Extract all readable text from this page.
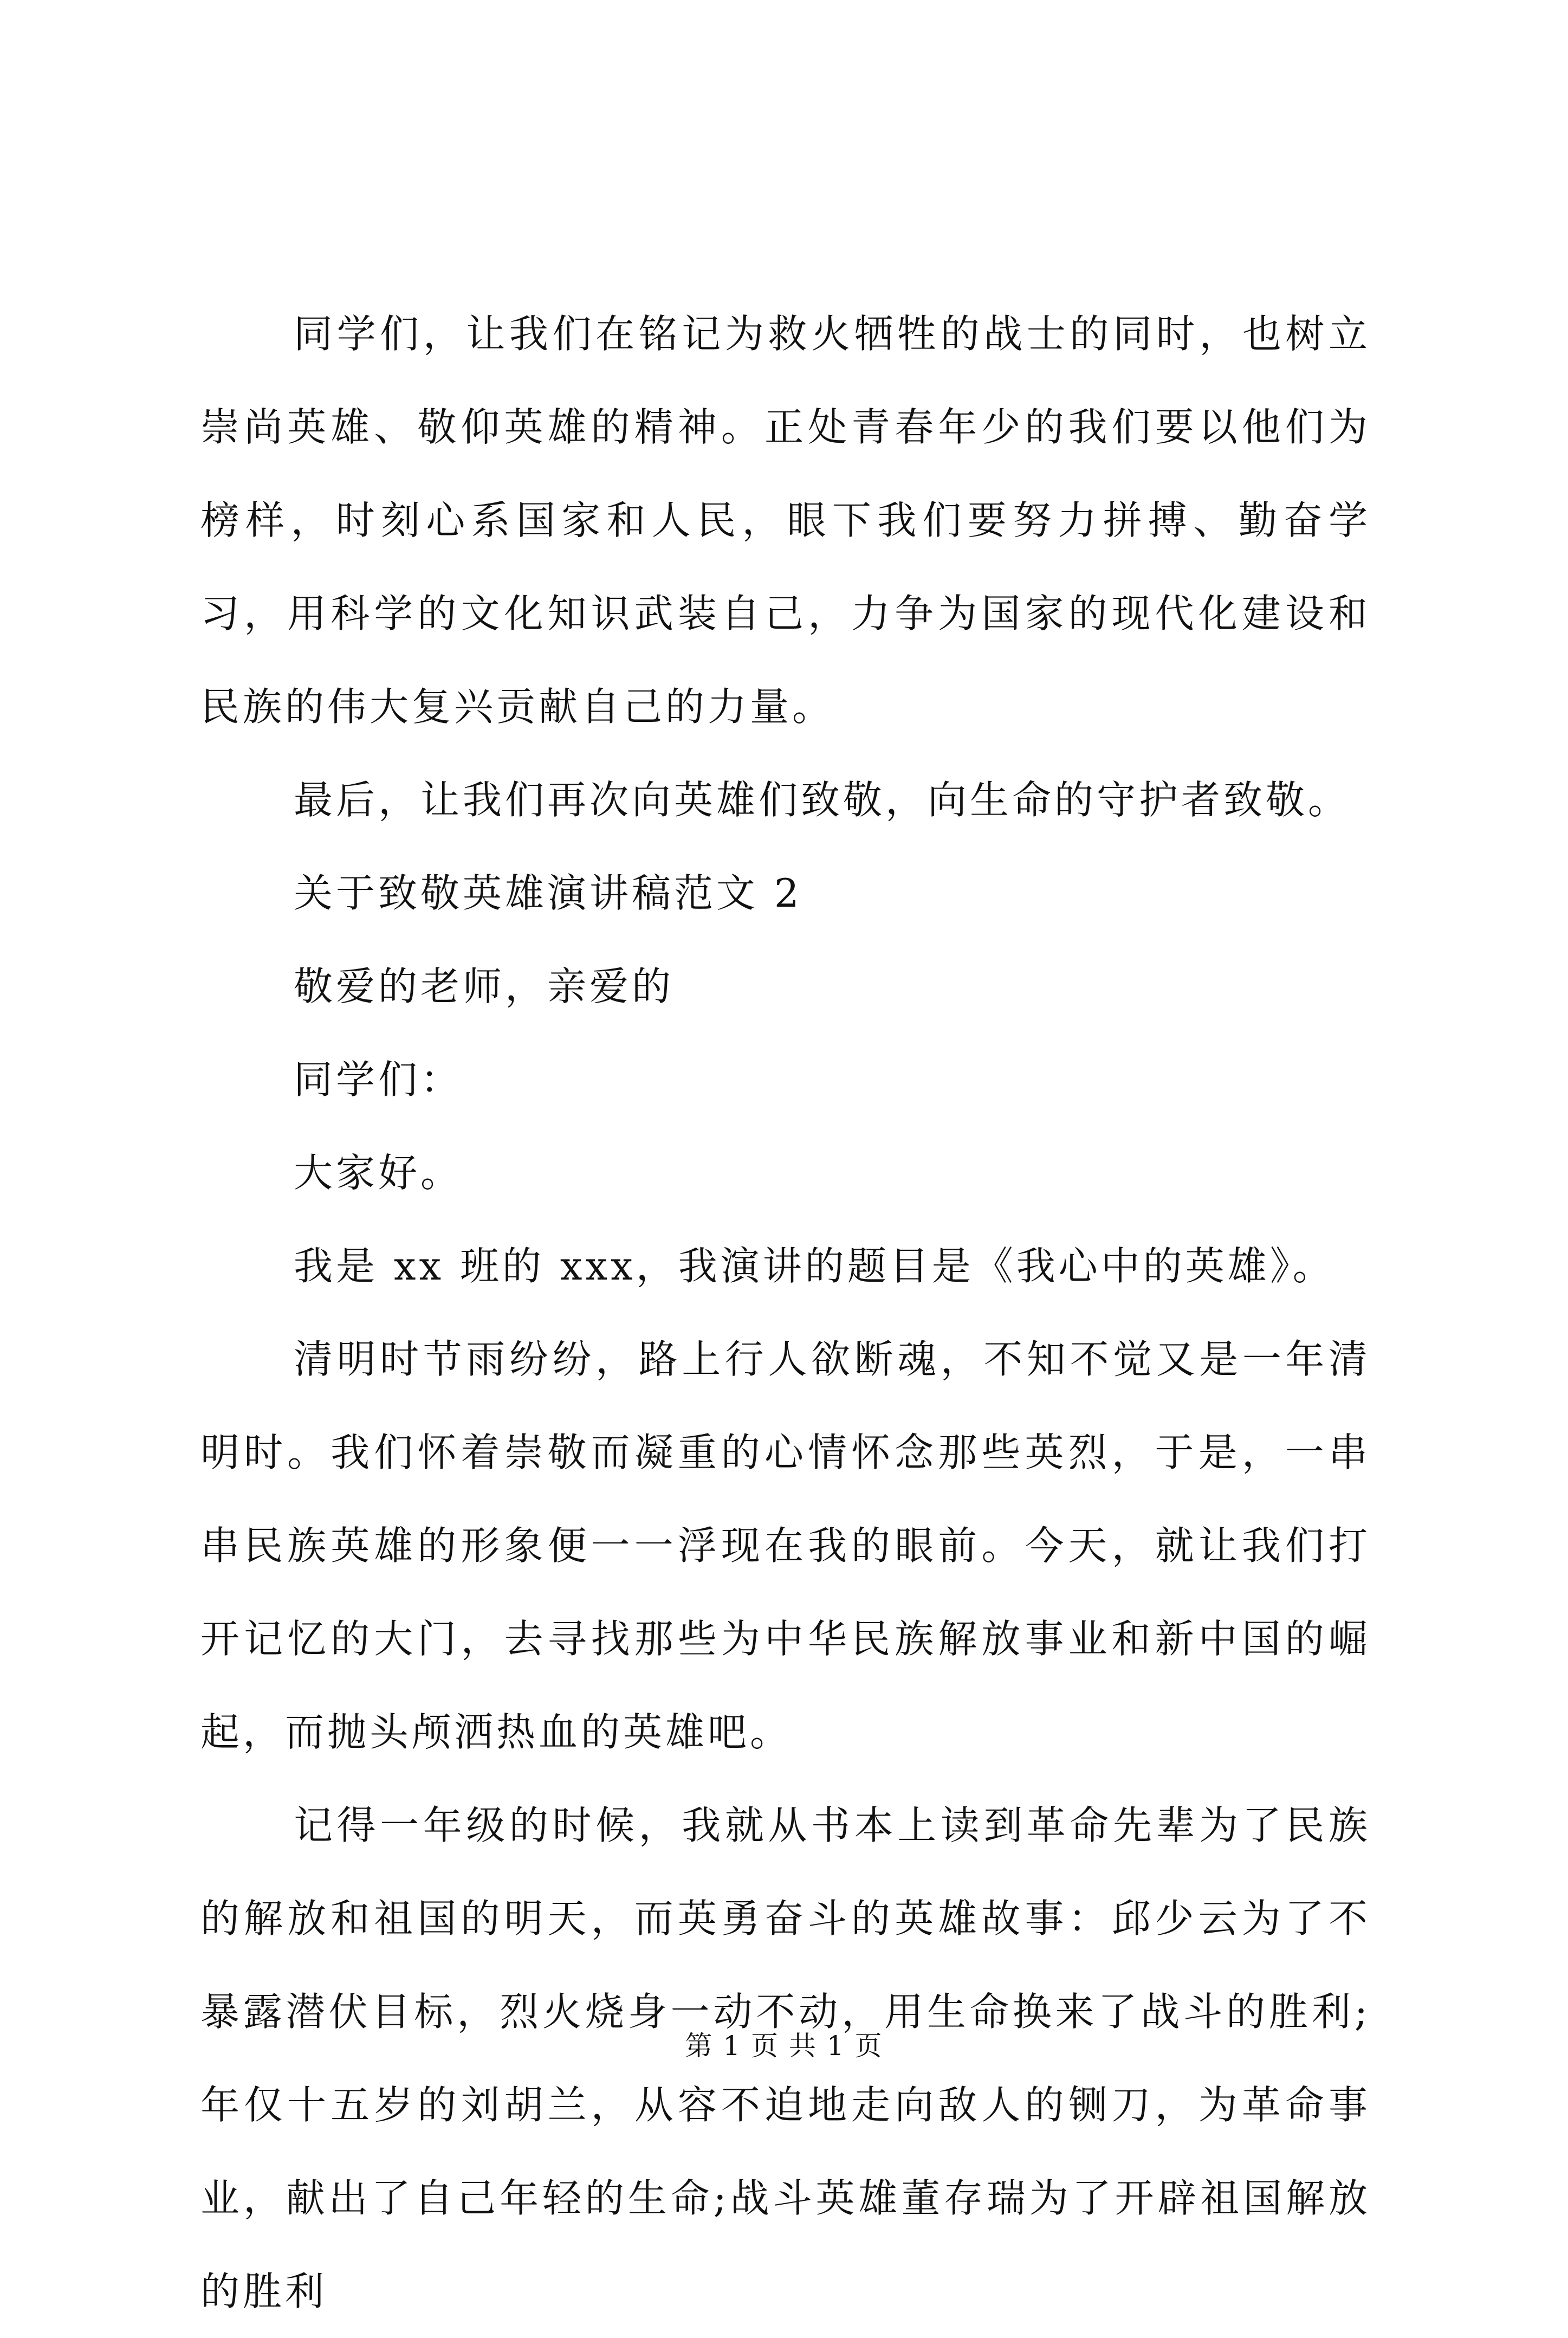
同学们，让我们在铭记为救火牺牲的战士的同时，也树立崇尚英雄、敬仰英雄的精神。正处青春年少的我们要以他们为榜样，时刻心系国家和人民，眼下我们要努力拼搏、勤奋学习，用科学的文化知识武装自己，力争为国家的现代化建设和民族的伟大复兴贡献自己的力量。

最后，让我们再次向英雄们致敬，向生命的守护者致敬。

关于致敬英雄演讲稿范文 2

敬爱的老师，亲爱的

同学们：

大家好。

我是 xx 班的 xxx，我演讲的题目是《我心中的英雄》。

清明时节雨纷纷，路上行人欲断魂，不知不觉又是一年清明时。我们怀着崇敬而凝重的心情怀念那些英烈，于是，一串串民族英雄的形象便一一浮现在我的眼前。今天，就让我们打开记忆的大门，去寻找那些为中华民族解放事业和新中国的崛起，而抛头颅洒热血的英雄吧。

记得一年级的时候，我就从书本上读到革命先辈为了民族的解放和祖国的明天，而英勇奋斗的英雄故事：邱少云为了不暴露潜伏目标，烈火烧身一动不动，用生命换来了战斗的胜利;年仅十五岁的刘胡兰，从容不迫地走向敌人的铡刀，为革命事业，献出了自己年轻的生命;战斗英雄董存瑞为了开辟祖国解放的胜利

第 1 页 共 1 页
